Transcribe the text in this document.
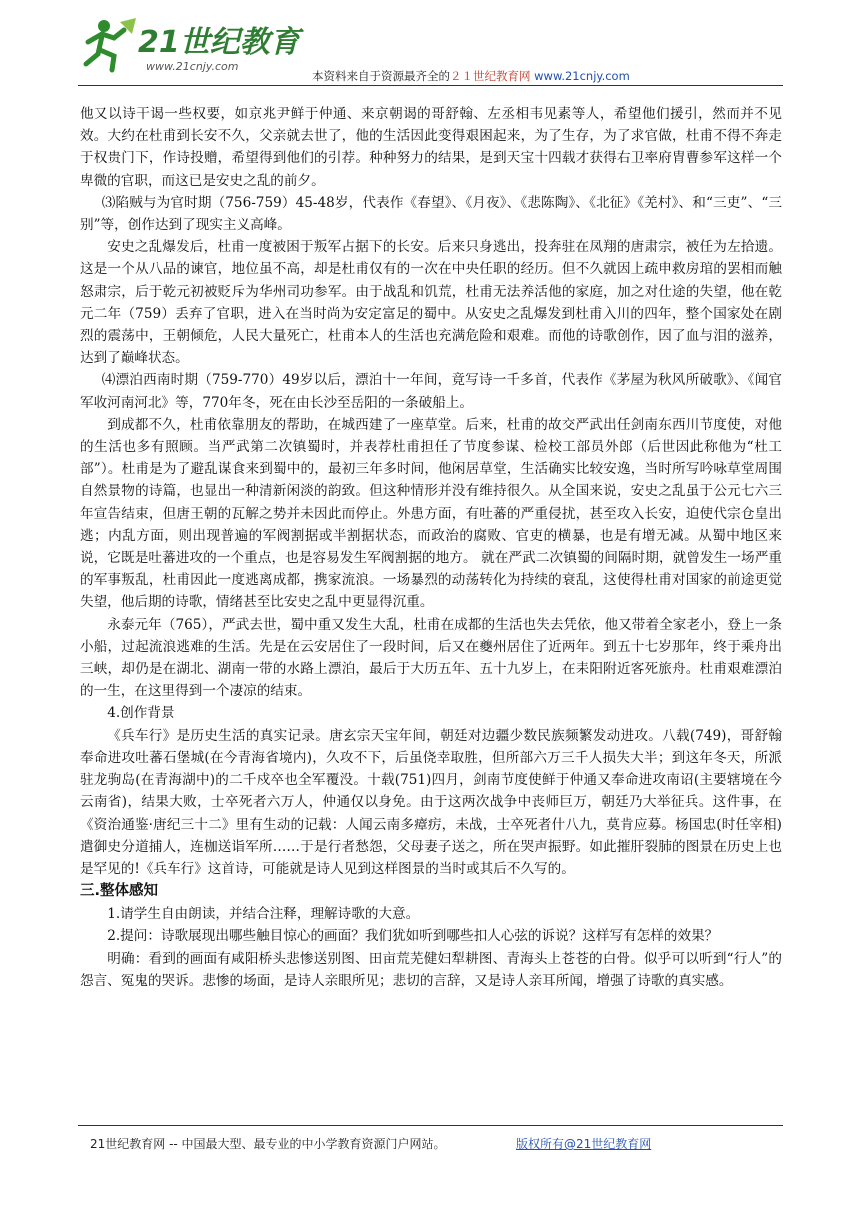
21世纪教育
www.21cnjy.com
本资料来自于资源最齐全的２１世纪教育网 www.21cnjy.com

他又以诗干谒一些权要，如京兆尹鲜于仲通、来京朝谒的哥舒翰、左丞相韦见素等人，希望他们援引，然而并不见效。大约在杜甫到长安不久，父亲就去世了，他的生活因此变得艰困起来，为了生存，为了求官做，杜甫不得不奔走于权贵门下，作诗投赠，希望得到他们的引荐。种种努力的结果，是到天宝十四载才获得右卫率府胄曹参军这样一个卑微的官职，而这已是安史之乱的前夕。

⑶陷贼与为官时期（756-759）45-48岁，代表作《春望》、《月夜》、《悲陈陶》、《北征》《羌村》、和“三吏”、“三别”等，创作达到了现实主义高峰。

安史之乱爆发后，杜甫一度被困于叛军占据下的长安。后来只身逃出，投奔驻在凤翔的唐肃宗，被任为左拾遗。这是一个从八品的谏官，地位虽不高，却是杜甫仅有的一次在中央任职的经历。但不久就因上疏申救房琯的罢相而触怒肃宗，后于乾元初被贬斥为华州司功参军。由于战乱和饥荒，杜甫无法养活他的家庭，加之对仕途的失望，他在乾元二年（759）丢弃了官职，进入在当时尚为安定富足的蜀中。从安史之乱爆发到杜甫入川的四年，整个国家处在剧烈的震荡中，王朝倾危，人民大量死亡，杜甫本人的生活也充满危险和艰难。而他的诗歌创作，因了血与泪的滋养，达到了巅峰状态。

⑷漂泊西南时期（759-770）49岁以后，漂泊十一年间，竟写诗一千多首，代表作《茅屋为秋风所破歌》、《闻官军收河南河北》等，770年冬，死在由长沙至岳阳的一条破船上。

到成都不久，杜甫依靠朋友的帮助，在城西建了一座草堂。后来，杜甫的故交严武出任剑南东西川节度使，对他的生活也多有照顾。当严武第二次镇蜀时，并表荐杜甫担任了节度参谋、检校工部员外郎（后世因此称他为“杜工部”）。杜甫是为了避乱谋食来到蜀中的，最初三年多时间，他闲居草堂，生活确实比较安逸，当时所写吟咏草堂周围自然景物的诗篇，也显出一种清新闲淡的韵致。但这种情形并没有维持很久。从全国来说，安史之乱虽于公元七六三年宣告结束，但唐王朝的瓦解之势并未因此而停止。外患方面，有吐蕃的严重侵扰，甚至攻入长安，迫使代宗仓皇出逃；内乱方面，则出现普遍的军阀割据或半割据状态，而政治的腐败、官吏的横暴，也是有增无减。从蜀中地区来说，它既是吐蕃进攻的一个重点，也是容易发生军阀割据的地方。 就在严武二次镇蜀的间隔时期，就曾发生一场严重的军事叛乱，杜甫因此一度逃离成都，携家流浪。一场暴烈的动荡转化为持续的衰乱，这使得杜甫对国家的前途更觉失望，他后期的诗歌，情绪甚至比安史之乱中更显得沉重。

永泰元年（765），严武去世，蜀中重又发生大乱，杜甫在成都的生活也失去凭依，他又带着全家老小，登上一条小船，过起流浪逃难的生活。先是在云安居住了一段时间，后又在夔州居住了近两年。到五十七岁那年，终于乘舟出三峡，却仍是在湖北、湖南一带的水路上漂泊，最后于大历五年、五十九岁上，在耒阳附近客死旅舟。杜甫艰难漂泊的一生，在这里得到一个凄凉的结束。

4.创作背景

《兵车行》是历史生活的真实记录。唐玄宗天宝年间，朝廷对边疆少数民族频繁发动进攻。八载(749)，哥舒翰奉命进攻吐蕃石堡城(在今青海省境内)，久攻不下，后虽侥幸取胜，但所部六万三千人损失大半；到这年冬天，所派驻龙驹岛(在青海湖中)的二千戍卒也全军覆没。十载(751)四月，剑南节度使鲜于仲通又奉命进攻南诏(主要辖境在今云南省)，结果大败，士卒死者六万人，仲通仅以身免。由于这两次战争中丧师巨万，朝廷乃大举征兵。这件事，在《资治通鉴·唐纪三十二》里有生动的记载：人闻云南多瘴疠，未战，士卒死者什八九，莫肯应募。杨国忠(时任宰相)遣御史分道捕人，连枷送诣军所……于是行者愁怨，父母妻子送之，所在哭声振野。如此摧肝裂肺的图景在历史上也是罕见的!《兵车行》这首诗，可能就是诗人见到这样图景的当时或其后不久写的。

三.整体感知

1.请学生自由朗读，并结合注释，理解诗歌的大意。

2.提问：诗歌展现出哪些触目惊心的画面？我们犹如听到哪些扣人心弦的诉说？这样写有怎样的效果？

明确：看到的画面有咸阳桥头悲惨送别图、田亩荒芜健妇犁耕图、青海头上苍苍的白骨。似乎可以听到“行人”的怨言、冤鬼的哭诉。悲惨的场面，是诗人亲眼所见；悲切的言辞，又是诗人亲耳所闻，增强了诗歌的真实感。

21世纪教育网 -- 中国最大型、最专业的中小学教育资源门户网站。	版权所有@21世纪教育网
